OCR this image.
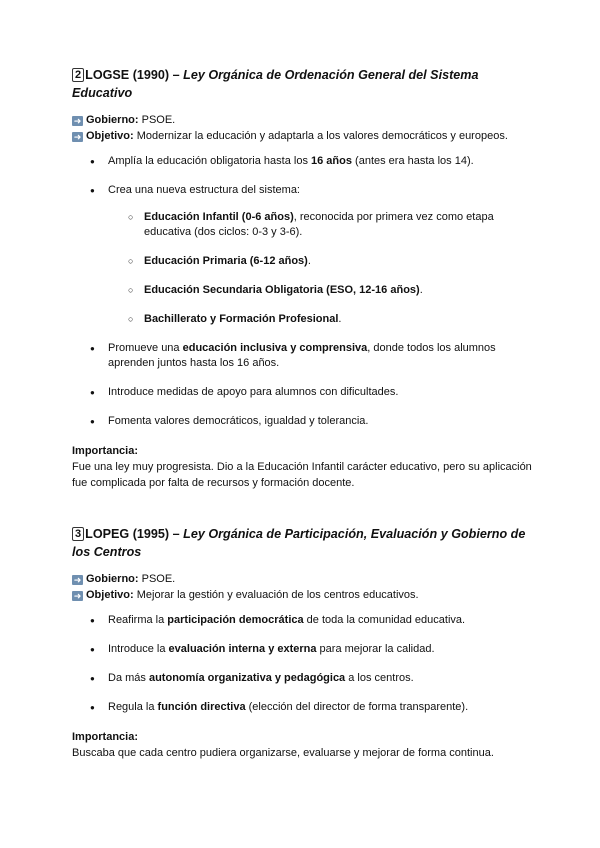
2 LOGSE (1990) – Ley Orgánica de Ordenación General del Sistema Educativo
➜ Gobierno: PSOE.
➜ Objetivo: Modernizar la educación y adaptarla a los valores democráticos y europeos.
● Amplía la educación obligatoria hasta los 16 años (antes era hasta los 14).
● Crea una nueva estructura del sistema:
○ Educación Infantil (0-6 años), reconocida por primera vez como etapa educativa (dos ciclos: 0-3 y 3-6).
○ Educación Primaria (6-12 años).
○ Educación Secundaria Obligatoria (ESO, 12-16 años).
○ Bachillerato y Formación Profesional.
● Promueve una educación inclusiva y comprensiva, donde todos los alumnos aprenden juntos hasta los 16 años.
● Introduce medidas de apoyo para alumnos con dificultades.
● Fomenta valores democráticos, igualdad y tolerancia.
Importancia:
Fue una ley muy progresista. Dio a la Educación Infantil carácter educativo, pero su aplicación fue complicada por falta de recursos y formación docente.
3 LOPEG (1995) – Ley Orgánica de Participación, Evaluación y Gobierno de los Centros
➜ Gobierno: PSOE.
➜ Objetivo: Mejorar la gestión y evaluación de los centros educativos.
● Reafirma la participación democrática de toda la comunidad educativa.
● Introduce la evaluación interna y externa para mejorar la calidad.
● Da más autonomía organizativa y pedagógica a los centros.
● Regula la función directiva (elección del director de forma transparente).
Importancia:
Buscaba que cada centro pudiera organizarse, evaluarse y mejorar de forma continua.
